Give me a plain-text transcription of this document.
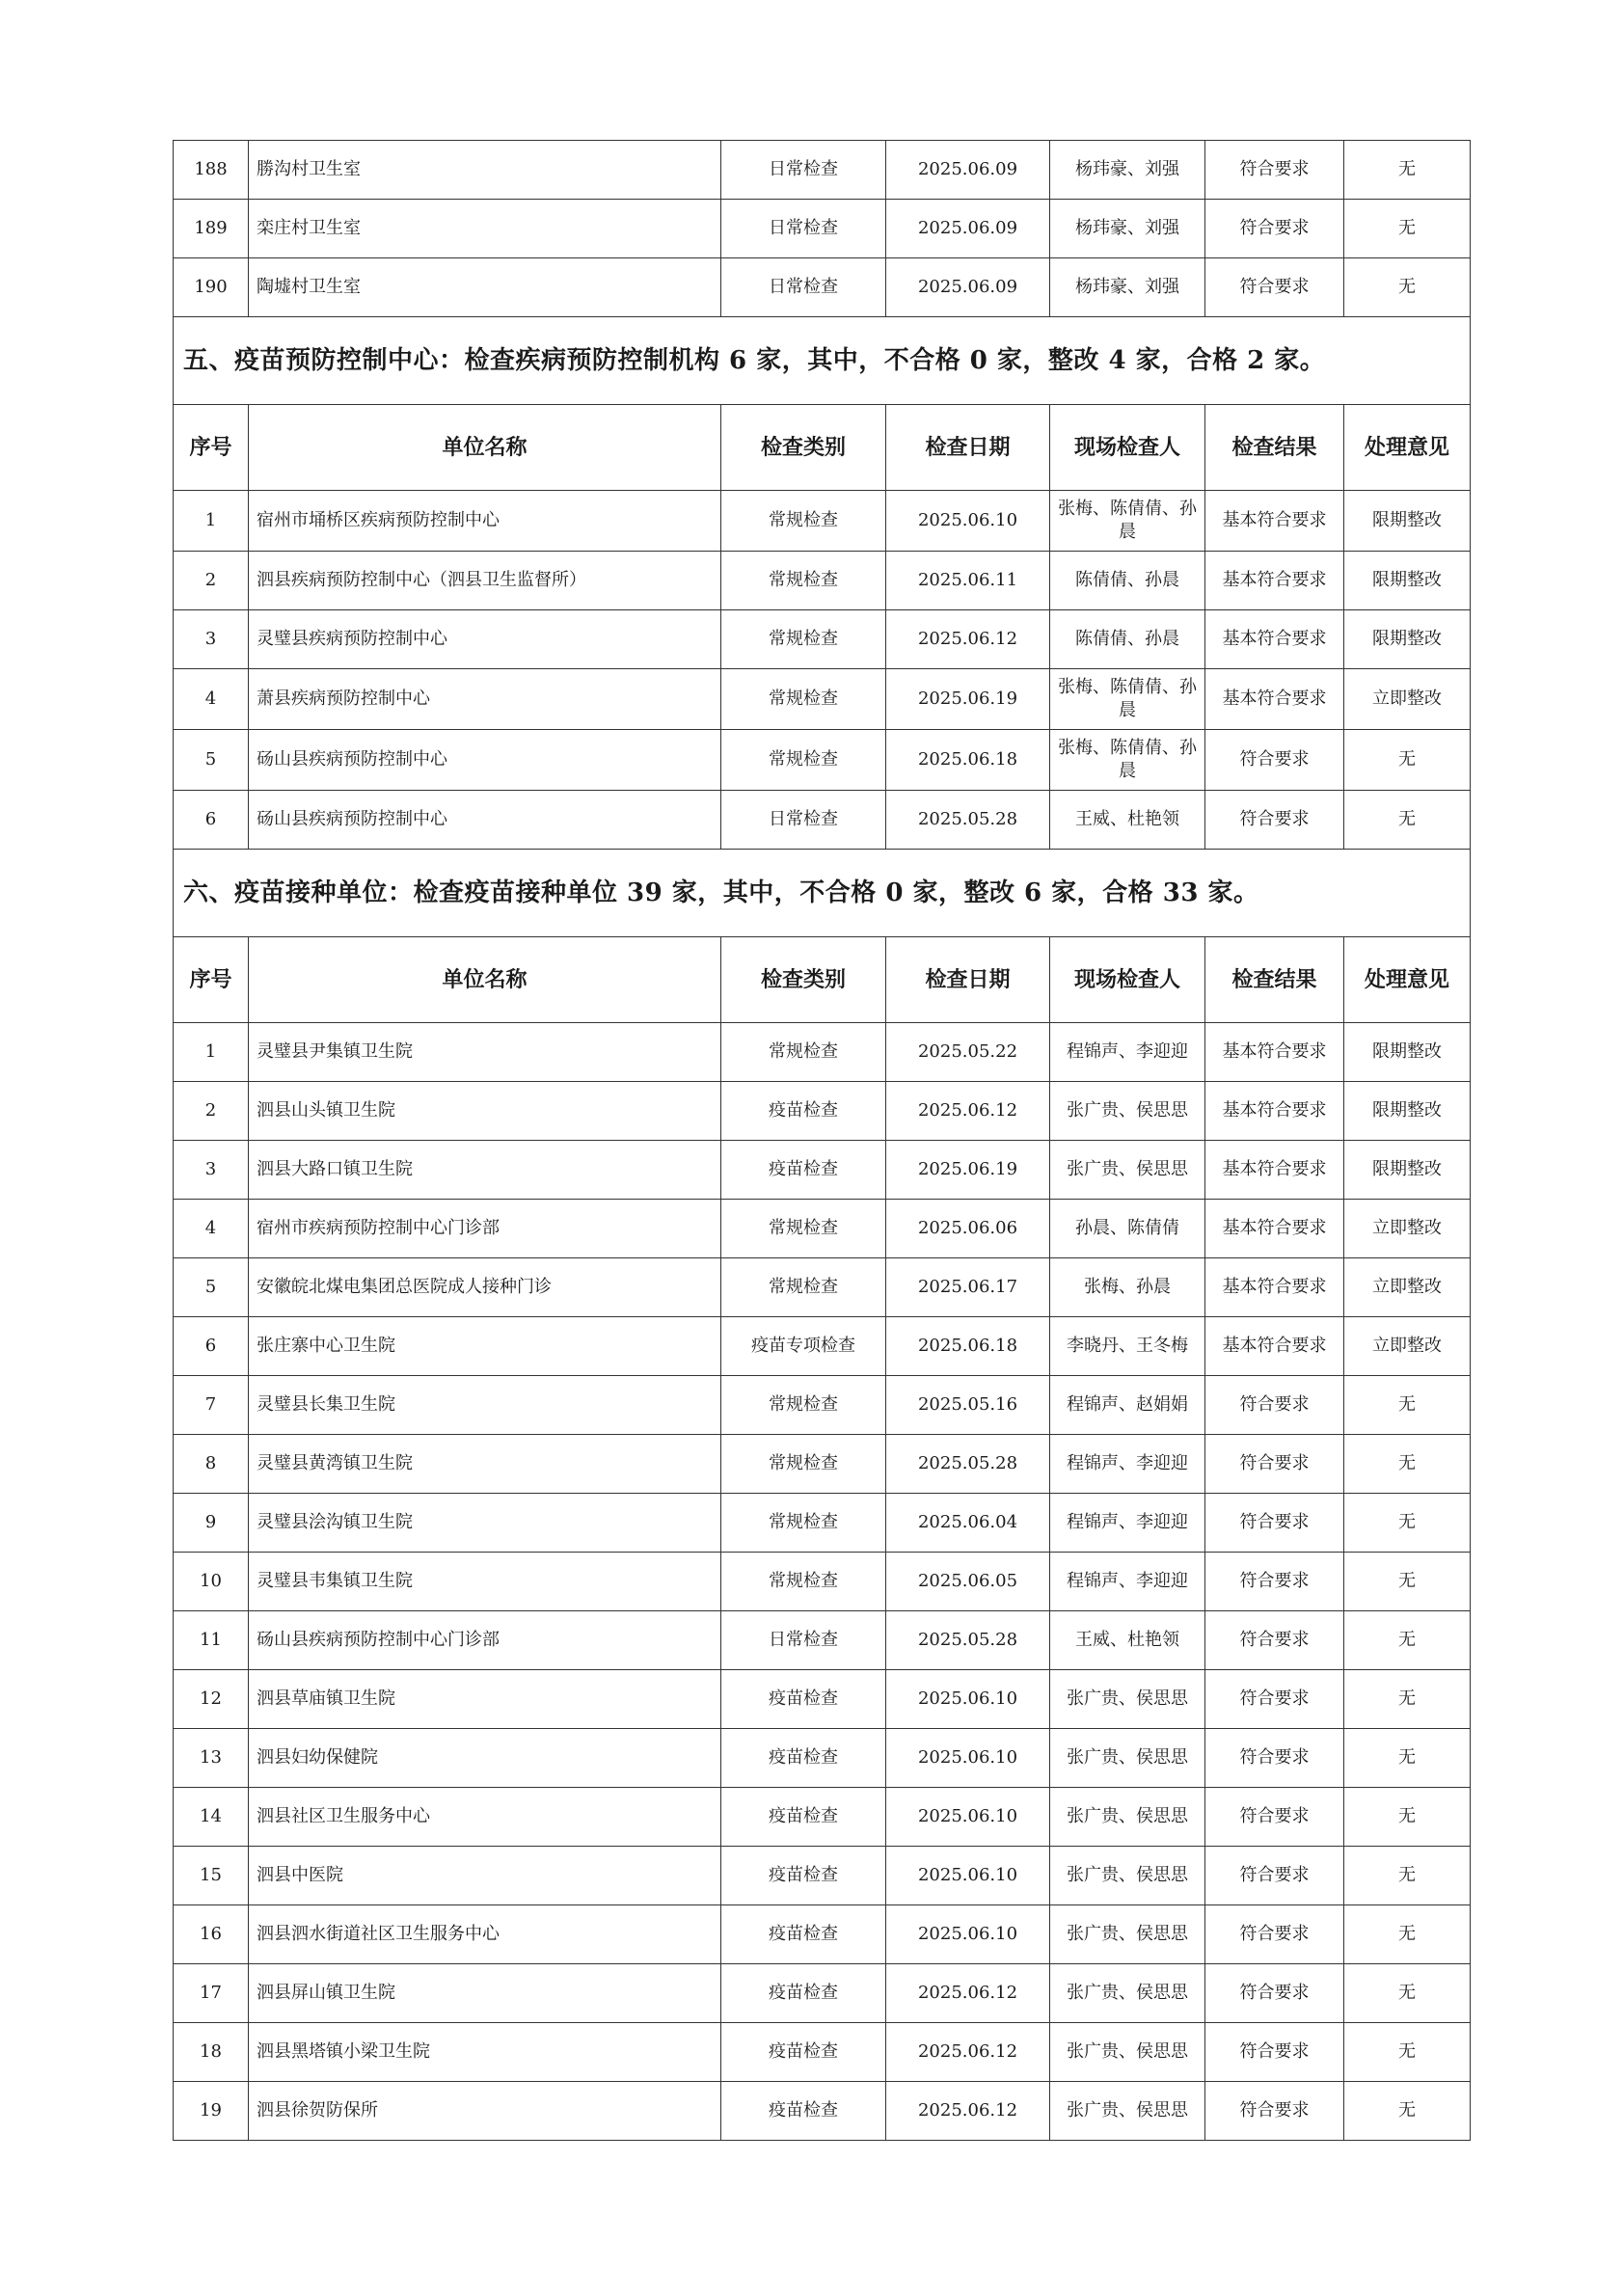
188	勝沟村卫生室	日常检查	2025.06.09	杨玮豪、刘强	符合要求	无
189	栾庄村卫生室	日常检查	2025.06.09	杨玮豪、刘强	符合要求	无
190	陶墟村卫生室	日常检查	2025.06.09	杨玮豪、刘强	符合要求	无
五、疫苗预防控制中心：检查疾病预防控制机构 6 家，其中，不合格 0 家，整改 4 家，合格 2 家。						
序号	单位名称	检查类别	检查日期	现场检查人	检查结果	处理意见
1	宿州市埇桥区疾病预防控制中心	常规检查	2025.06.10	张梅、陈倩倩、孙晨	基本符合要求	限期整改
2	泗县疾病预防控制中心（泗县卫生监督所）	常规检查	2025.06.11	陈倩倩、孙晨	基本符合要求	限期整改
3	灵璧县疾病预防控制中心	常规检查	2025.06.12	陈倩倩、孙晨	基本符合要求	限期整改
4	萧县疾病预防控制中心	常规检查	2025.06.19	张梅、陈倩倩、孙晨	基本符合要求	立即整改
5	砀山县疾病预防控制中心	常规检查	2025.06.18	张梅、陈倩倩、孙晨	符合要求	无
6	砀山县疾病预防控制中心	日常检查	2025.05.28	王威、杜艳领	符合要求	无
六、疫苗接种单位：检查疫苗接种单位 39 家，其中，不合格 0 家，整改 6 家，合格 33 家。						
序号	单位名称	检查类别	检查日期	现场检查人	检查结果	处理意见
1	灵璧县尹集镇卫生院	常规检查	2025.05.22	程锦声、李迎迎	基本符合要求	限期整改
2	泗县山头镇卫生院	疫苗检查	2025.06.12	张广贵、侯思思	基本符合要求	限期整改
3	泗县大路口镇卫生院	疫苗检查	2025.06.19	张广贵、侯思思	基本符合要求	限期整改
4	宿州市疾病预防控制中心门诊部	常规检查	2025.06.06	孙晨、陈倩倩	基本符合要求	立即整改
5	安徽皖北煤电集团总医院成人接种门诊	常规检查	2025.06.17	张梅、孙晨	基本符合要求	立即整改
6	张庄寨中心卫生院	疫苗专项检查	2025.06.18	李晓丹、王冬梅	基本符合要求	立即整改
7	灵璧县长集卫生院	常规检查	2025.05.16	程锦声、赵娟娟	符合要求	无
8	灵璧县黄湾镇卫生院	常规检查	2025.05.28	程锦声、李迎迎	符合要求	无
9	灵璧县浍沟镇卫生院	常规检查	2025.06.04	程锦声、李迎迎	符合要求	无
10	灵璧县韦集镇卫生院	常规检查	2025.06.05	程锦声、李迎迎	符合要求	无
11	砀山县疾病预防控制中心门诊部	日常检查	2025.05.28	王威、杜艳领	符合要求	无
12	泗县草庙镇卫生院	疫苗检查	2025.06.10	张广贵、侯思思	符合要求	无
13	泗县妇幼保健院	疫苗检查	2025.06.10	张广贵、侯思思	符合要求	无
14	泗县社区卫生服务中心	疫苗检查	2025.06.10	张广贵、侯思思	符合要求	无
15	泗县中医院	疫苗检查	2025.06.10	张广贵、侯思思	符合要求	无
16	泗县泗水街道社区卫生服务中心	疫苗检查	2025.06.10	张广贵、侯思思	符合要求	无
17	泗县屏山镇卫生院	疫苗检查	2025.06.12	张广贵、侯思思	符合要求	无
18	泗县黑塔镇小梁卫生院	疫苗检查	2025.06.12	张广贵、侯思思	符合要求	无
19	泗县徐贺防保所	疫苗检查	2025.06.12	张广贵、侯思思	符合要求	无
